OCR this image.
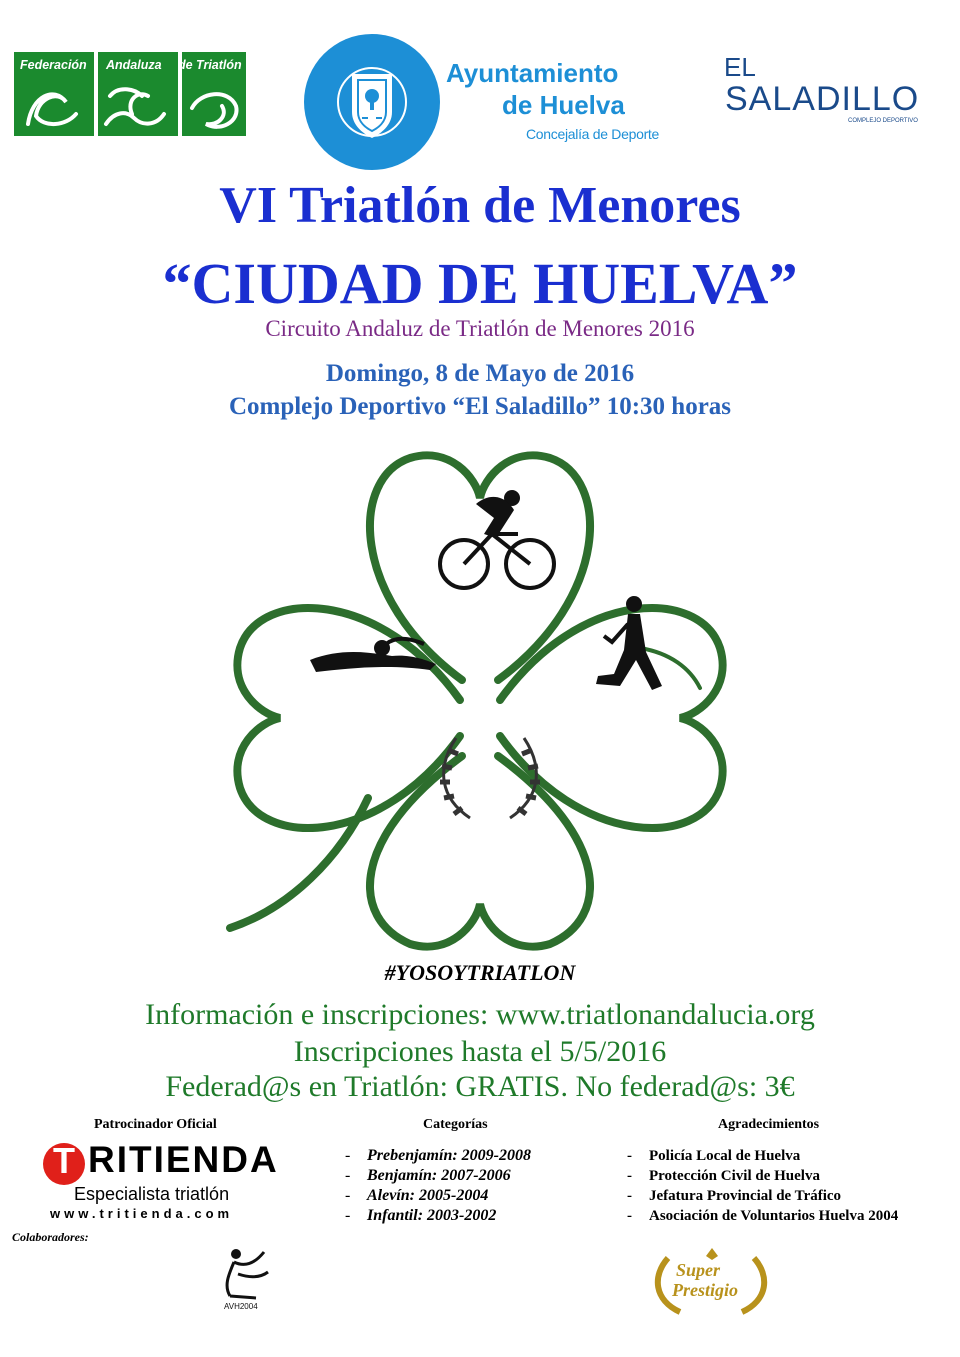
Federación Andaluza de Triatlón	Ayuntamiento
de Huelva
Concejalía de Deporte
EL
SALADILLO
COMPLEJO DEPORTIVO
VI Triatlón de Menores
“CIUDAD DE HUELVA”
Circuito Andaluz de Triatlón de Menores 2016
Domingo, 8 de Mayo de 2016
Complejo Deportivo “El Saladillo” 10:30 horas
#YOSOYTRIATLON
Información e inscripciones: www.triatlonandalucia.org
Inscripciones hasta el 5/5/2016
Federad@s en Triatlón: GRATIS. No federad@s: 3€
Patrocinador Oficial	Categorías	Agradecimientos
T RITIENDA
Especialista triatlón
www.tritienda.com
- Prebenjamín: 2009-2008
- Benjamín: 2007-2006
- Alevín: 2005-2004
- Infantil: 2003-2002
- Policía Local de Huelva
- Protección Civil de Huelva
- Jefatura Provincial de Tráfico
- Asociación de Voluntarios Huelva 2004
Colaboradores:
AVH2004
Super
Prestigio
